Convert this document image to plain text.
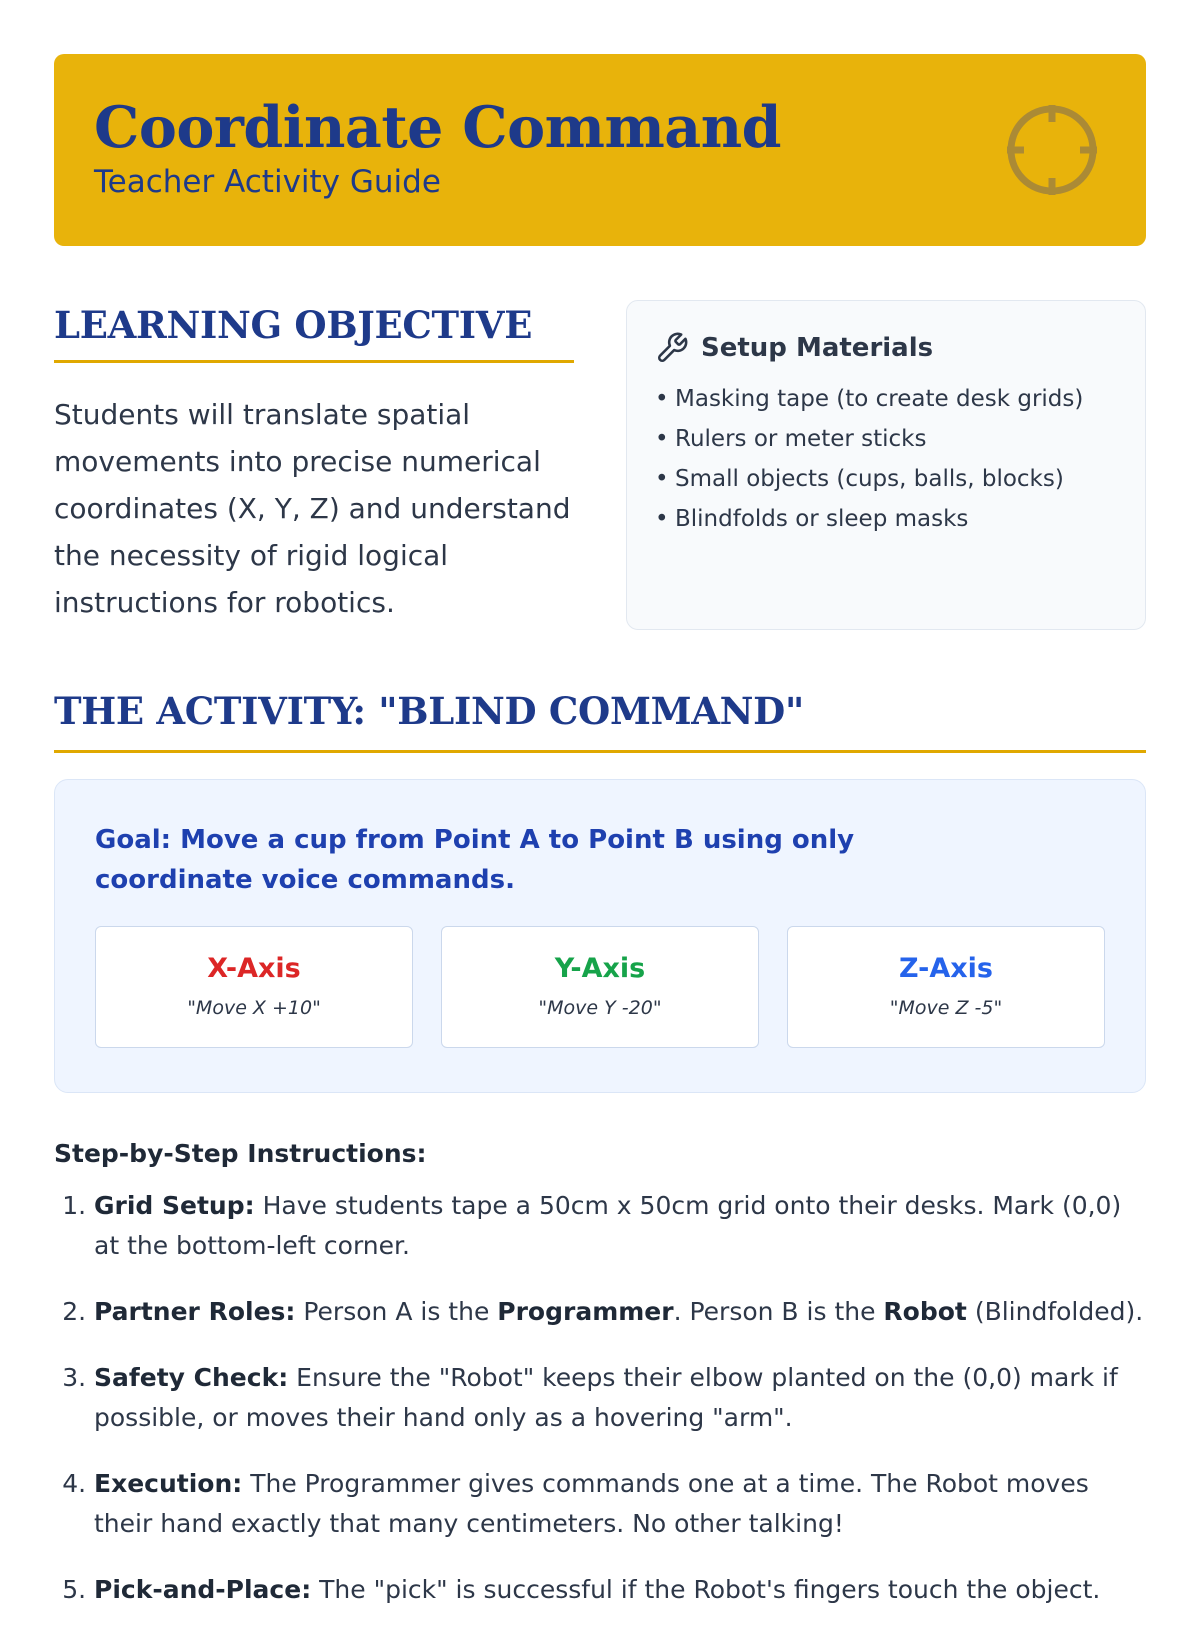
Coordinate Command
Teacher Activity Guide
LEARNING OBJECTIVE
Students will translate spatial movements into precise numerical coordinates (X, Y, Z) and understand the necessity of rigid logical instructions for robotics.
Setup Materials
• Masking tape (to create desk grids)
• Rulers or meter sticks
• Small objects (cups, balls, blocks)
• Blindfolds or sleep masks
THE ACTIVITY: "BLIND COMMAND"
Goal: Move a cup from Point A to Point B using only coordinate voice commands.
X-Axis
"Move X +10"
Y-Axis
"Move Y -20"
Z-Axis
"Move Z -5"
Step-by-Step Instructions:
1. Grid Setup: Have students tape a 50cm x 50cm grid onto their desks. Mark (0,0) at the bottom-left corner.
2. Partner Roles: Person A is the Programmer. Person B is the Robot (Blindfolded).
3. Safety Check: Ensure the "Robot" keeps their elbow planted on the (0,0) mark if possible, or moves their hand only as a hovering "arm".
4. Execution: The Programmer gives commands one at a time. The Robot moves their hand exactly that many centimeters. No other talking!
5. Pick-and-Place: The "pick" is successful if the Robot's fingers touch the object.
